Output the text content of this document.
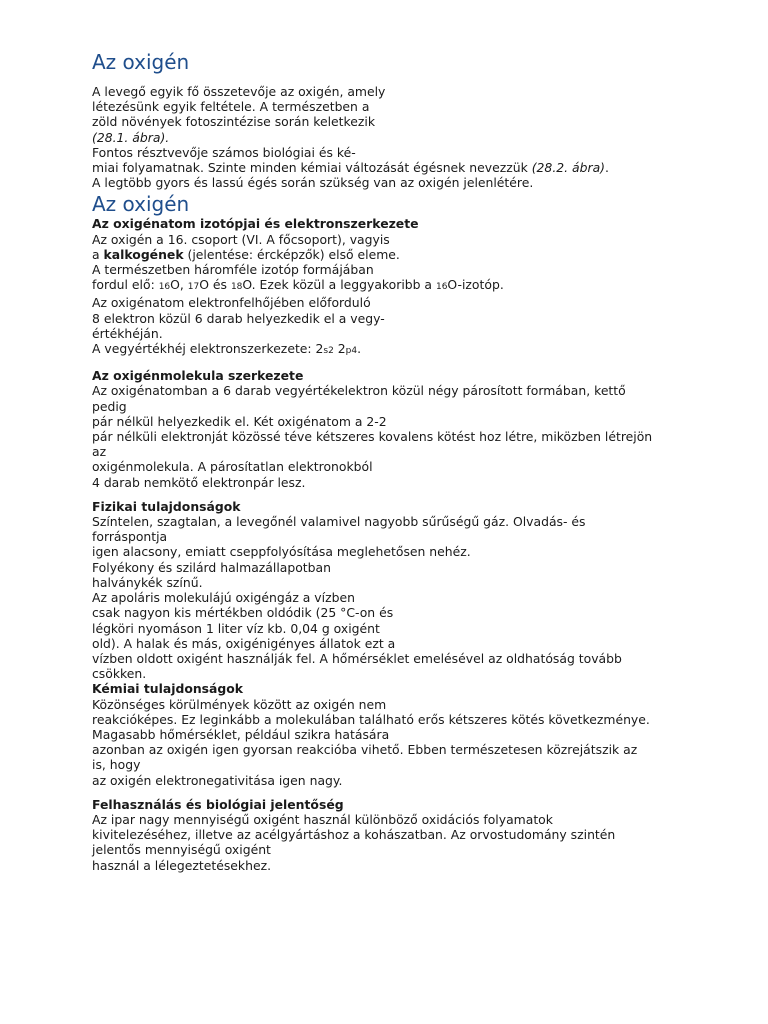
Az oxigén
A levegő egyik fő összetevője az oxigén, amely
létezésünk egyik feltétele. A természetben a
zöld növények fotoszintézise során keletkezik
(28.1. ábra).
Fontos résztvevője számos biológiai és ké-
miai folyamatnak. Szinte minden kémiai változását égésnek nevezzük (28.2. ábra).
A legtöbb gyors és lassú égés során szükség van az oxigén jelenlétére.
Az oxigén
Az oxigénatom izotópjai és elektronszerkezete
Az oxigén a 16. csoport (VI. A főcsoport), vagyis
a kalkogének (jelentése: ércképzők) első eleme.
A természetben háromféle izotóp formájában
fordul elő: 16O, 17O és 18O. Ezek közül a leggyakoribb a 16O-izotóp.
Az oxigénatom elektronfelhőjében előforduló
8 elektron közül 6 darab helyezkedik el a vegy-
értékhéján.
A vegyértékhéj elektronszerkezete: 2s2 2p4.
Az oxigénmolekula szerkezete
Az oxigénatomban a 6 darab vegyértékelektron közül négy párosított formában, kettő
pedig
pár nélkül helyezkedik el. Két oxigénatom a 2-2
pár nélküli elektronját közössé téve kétszeres kovalens kötést hoz létre, miközben létrejön
az
oxigénmolekula. A párosítatlan elektronokból
4 darab nemkötő elektronpár lesz.
Fizikai tulajdonságok
Színtelen, szagtalan, a levegőnél valamivel nagyobb sűrűségű gáz. Olvadás- és
forráspontja
igen alacsony, emiatt cseppfolyósítása meglehetősen nehéz.
Folyékony és szilárd halmazállapotban
halványkék színű.
Az apoláris molekulájú oxigéngáz a vízben
csak nagyon kis mértékben oldódik (25 °C-on és
légköri nyomáson 1 liter víz kb. 0,04 g oxigént
old). A halak és más, oxigénigényes állatok ezt a
vízben oldott oxigént használják fel. A hőmérséklet emelésével az oldhatóság tovább
csökken.
Kémiai tulajdonságok
Közönséges körülmények között az oxigén nem
reakcióképes. Ez leginkább a molekulában található erős kétszeres kötés következménye.
Magasabb hőmérséklet, például szikra hatására
azonban az oxigén igen gyorsan reakcióba vihető. Ebben természetesen közrejátszik az
is, hogy
az oxigén elektronegativitása igen nagy.
Felhasználás és biológiai jelentőség
Az ipar nagy mennyiségű oxigént használ különböző oxidációs folyamatok
kivitelezéséhez, illetve az acélgyártáshoz a kohászatban. Az orvostudomány szintén
jelentős mennyiségű oxigént
használ a lélegeztetésekhez.
